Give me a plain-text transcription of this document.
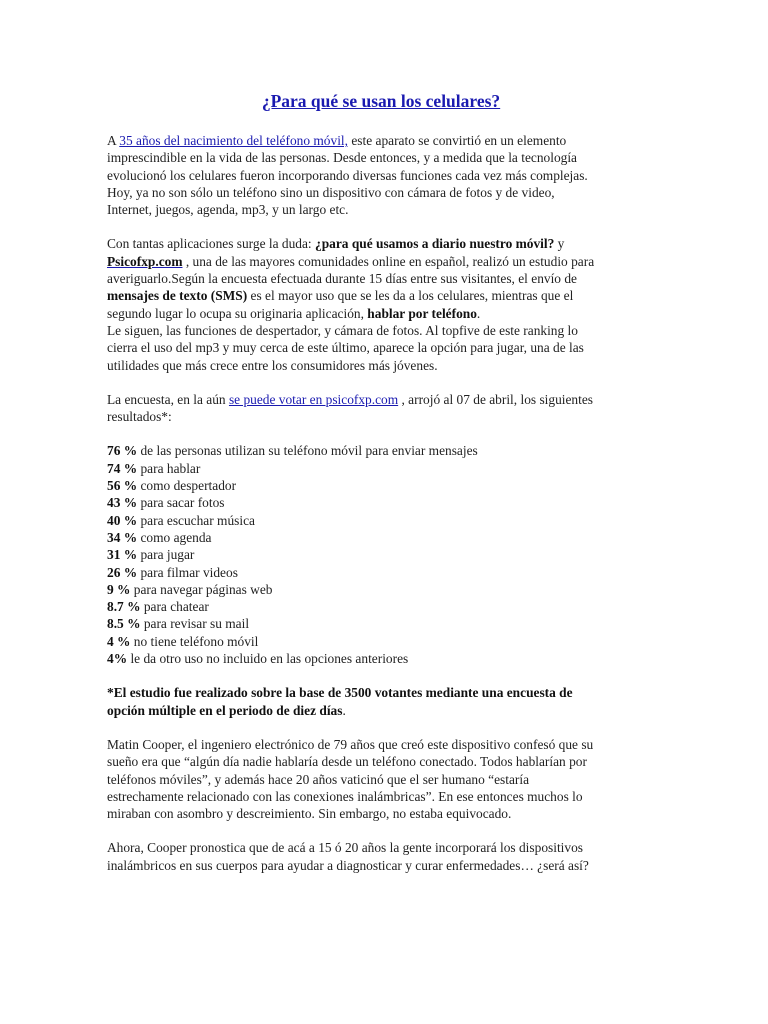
¿Para qué se usan los celulares?

A 35 años del nacimiento del teléfono móvil, este aparato se convirtió en un elemento
imprescindible en la vida de las personas. Desde entonces, y a medida que la tecnología
evolucionó los celulares fueron incorporando diversas funciones cada vez más complejas.
Hoy, ya no son sólo un teléfono sino un dispositivo con cámara de fotos y de video,
Internet, juegos, agenda, mp3, y un largo etc.

Con tantas aplicaciones surge la duda: ¿para qué usamos a diario nuestro móvil? y
Psicofxp.com , una de las mayores comunidades online en español, realizó un estudio para
averiguarlo.Según la encuesta efectuada durante 15 días entre sus visitantes, el envío de
mensajes de texto (SMS) es el mayor uso que se les da a los celulares, mientras que el
segundo lugar lo ocupa su originaria aplicación, hablar por teléfono.
Le siguen, las funciones de despertador, y cámara de fotos. Al topfive de este ranking lo
cierra el uso del mp3 y muy cerca de este último, aparece la opción para jugar, una de las
utilidades que más crece entre los consumidores más jóvenes.

La encuesta, en la aún se puede votar en psicofxp.com , arrojó al 07 de abril, los siguientes
resultados*:

76 % de las personas utilizan su teléfono móvil para enviar mensajes
74 % para hablar
56 % como despertador
43 % para sacar fotos
40 % para escuchar música
34 % como agenda
31 % para jugar
26 % para filmar videos
9 % para navegar páginas web
8.7 % para chatear
8.5 % para revisar su mail
4 % no tiene teléfono móvil
4% le da otro uso no incluido en las opciones anteriores

*El estudio fue realizado sobre la base de 3500 votantes mediante una encuesta de
opción múltiple en el periodo de diez días.

Matin Cooper, el ingeniero electrónico de 79 años que creó este dispositivo confesó que su
sueño era que “algún día nadie hablaría desde un teléfono conectado. Todos hablarían por
teléfonos móviles”, y además hace 20 años vaticinó que el ser humano “estaría
estrechamente relacionado con las conexiones inalámbricas”. En ese entonces muchos lo
miraban con asombro y descreimiento. Sin embargo, no estaba equivocado.

Ahora, Cooper pronostica que de acá a 15 ó 20 años la gente incorporará los dispositivos
inalámbricos en sus cuerpos para ayudar a diagnosticar y curar enfermedades… ¿será así?
